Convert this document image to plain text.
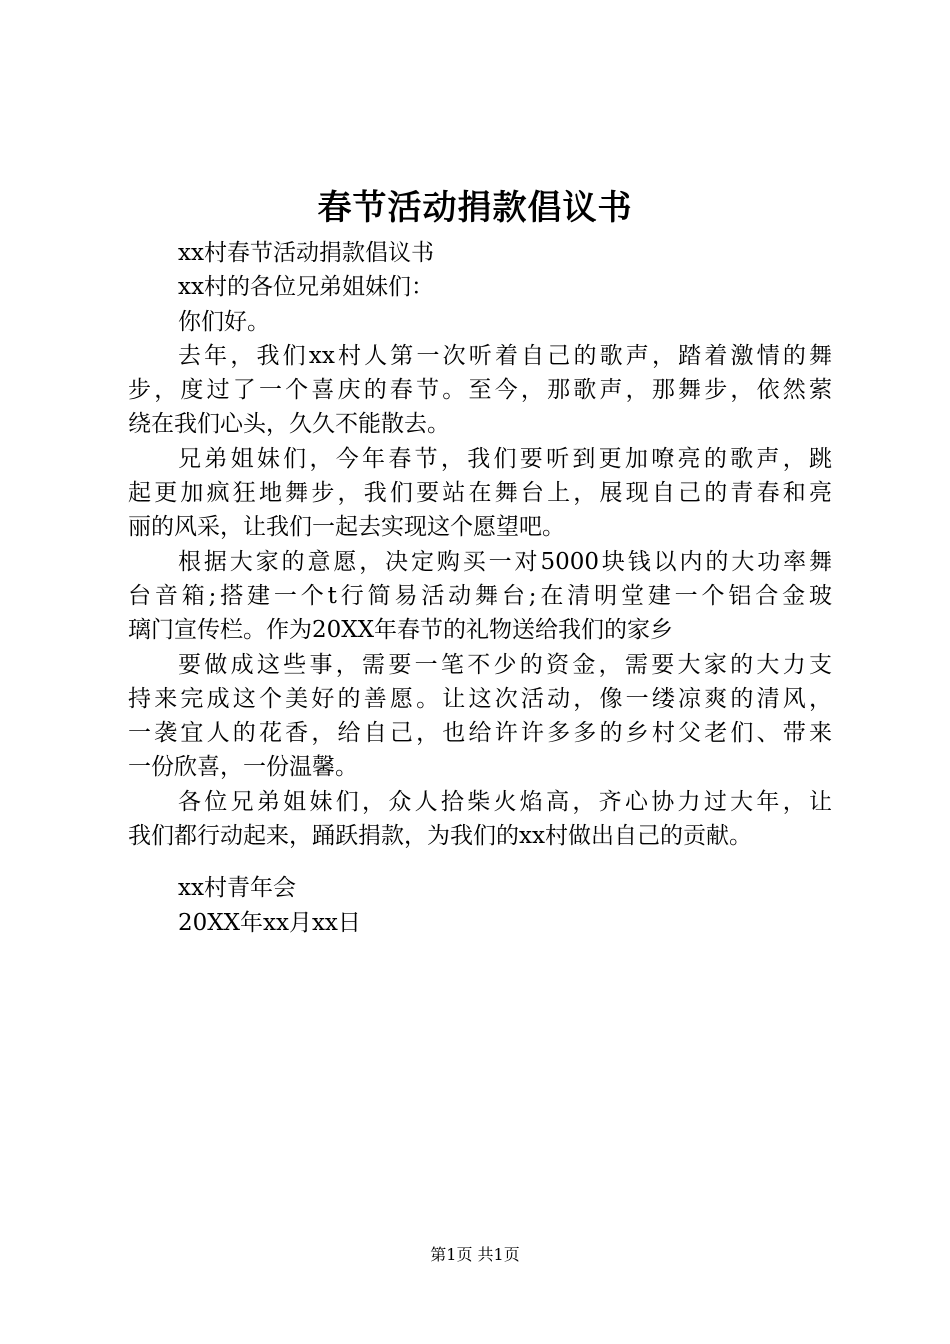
春节活动捐款倡议书
xx村春节活动捐款倡议书
xx村的各位兄弟姐妹们：
你们好。
去年，我们xx村人第一次听着自己的歌声，踏着激情的舞
步，度过了一个喜庆的春节。至今，那歌声，那舞步，依然萦
绕在我们心头，久久不能散去。
兄弟姐妹们，今年春节，我们要听到更加嘹亮的歌声，跳
起更加疯狂地舞步，我们要站在舞台上，展现自己的青春和亮
丽的风采，让我们一起去实现这个愿望吧。
根据大家的意愿，决定购买一对5000块钱以内的大功率舞
台音箱;搭建一个t行简易活动舞台;在清明堂建一个铝合金玻
璃门宣传栏。作为20XX年春节的礼物送给我们的家乡
要做成这些事，需要一笔不少的资金，需要大家的大力支
持来完成这个美好的善愿。让这次活动，像一缕凉爽的清风，
一袭宜人的花香，给自己，也给许许多多的乡村父老们、带来
一份欣喜，一份温馨。
各位兄弟姐妹们，众人拾柴火焰高，齐心协力过大年，让
我们都行动起来，踊跃捐款，为我们的xx村做出自己的贡献。
xx村青年会
20XX年xx月xx日
第1页 共1页
